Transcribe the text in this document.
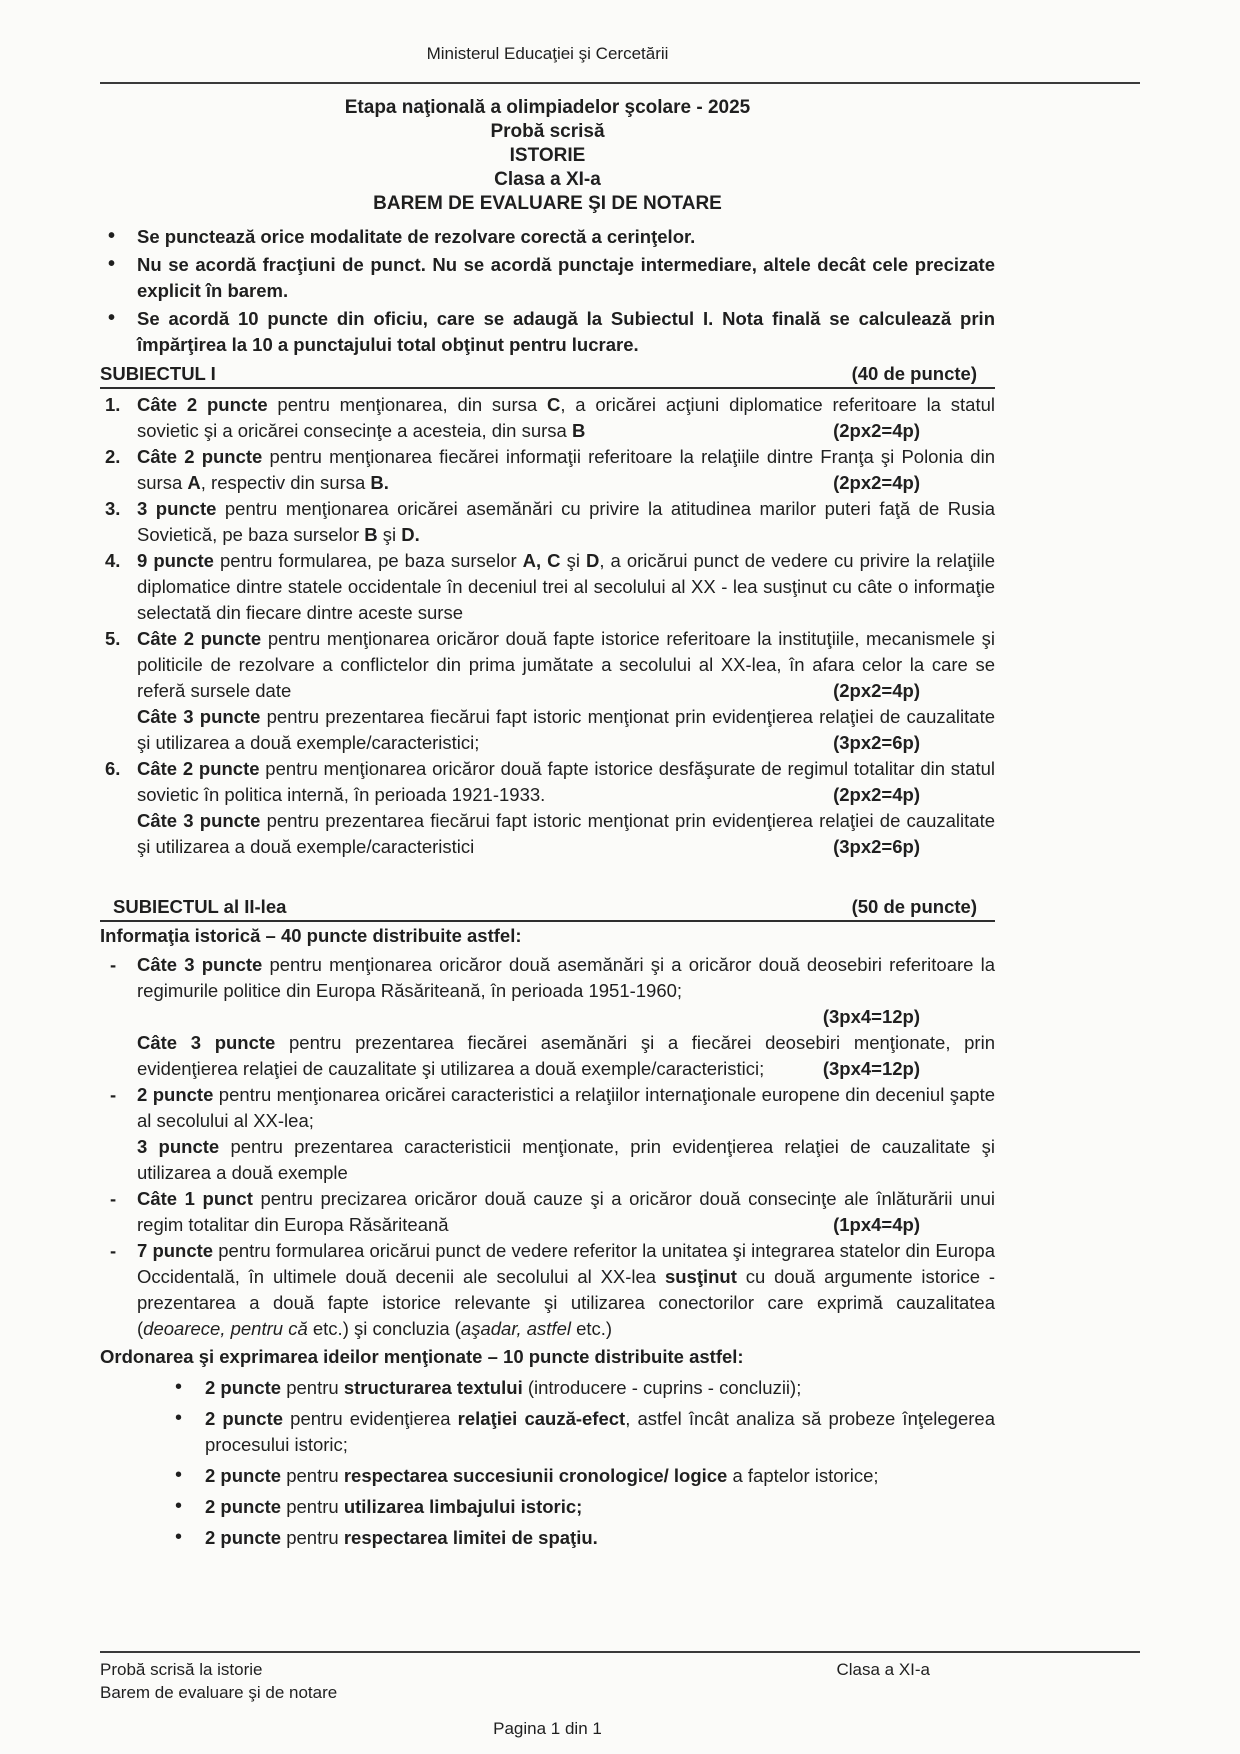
Ministerul Educaţiei şi Cercetării
Etapa naţională a olimpiadelor şcolare - 2025
Probă scrisă
ISTORIE
Clasa a XI-a
BAREM DE EVALUARE ŞI DE NOTARE
• Se punctează orice modalitate de rezolvare corectă a cerinţelor.
• Nu se acordă fracţiuni de punct. Nu se acordă punctaje intermediare, altele decât cele precizate explicit în barem.
• Se acordă 10 puncte din oficiu, care se adaugă la Subiectul I. Nota finală se calculează prin împărţirea la 10 a punctajului total obţinut pentru lucrare.
SUBIECTUL I	(40 de puncte)
1. Câte 2 puncte pentru menţionarea, din sursa C, a oricărei acţiuni diplomatice referitoare la statul sovietic şi a oricărei consecinţe a acesteia, din sursa B	(2px2=4p)
2. Câte 2 puncte pentru menţionarea fiecărei informaţii referitoare la relaţiile dintre Franţa şi Polonia din sursa A, respectiv din sursa B.	(2px2=4p)
3. 3 puncte pentru menţionarea oricărei asemănări cu privire la atitudinea marilor puteri faţă de Rusia Sovietică, pe baza surselor B şi D.
4. 9 puncte pentru formularea, pe baza surselor A, C şi D, a oricărui punct de vedere cu privire la relaţiile diplomatice dintre statele occidentale în deceniul trei al secolului al XX - lea susţinut cu câte o informaţie selectată din fiecare dintre aceste surse
5. Câte 2 puncte pentru menţionarea oricăror două fapte istorice referitoare la instituţiile, mecanismele şi politicile de rezolvare a conflictelor din prima jumătate a secolului al XX-lea, în afara celor la care se referă sursele date	(2px2=4p)
Câte 3 puncte pentru prezentarea fiecărui fapt istoric menţionat prin evidenţierea relaţiei de cauzalitate şi utilizarea a două exemple/caracteristici;	(3px2=6p)
6. Câte 2 puncte pentru menţionarea oricăror două fapte istorice desfăşurate de regimul totalitar din statul sovietic în politica internă, în perioada 1921-1933.	(2px2=4p)
Câte 3 puncte pentru prezentarea fiecărui fapt istoric menţionat prin evidenţierea relaţiei de cauzalitate şi utilizarea a două exemple/caracteristici	(3px2=6p)
SUBIECTUL al II-lea	(50 de puncte)
Informaţia istorică – 40 puncte distribuite astfel:
- Câte 3 puncte pentru menţionarea oricăror două asemănări şi a oricăror două deosebiri referitoare la regimurile politice din Europa Răsăriteană, în perioada 1951-1960;
(3px4=12p)
Câte 3 puncte pentru prezentarea fiecărei asemănări şi a fiecărei deosebiri menţionate, prin evidenţierea relaţiei de cauzalitate şi utilizarea a două exemple/caracteristici;	(3px4=12p)
- 2 puncte pentru menţionarea oricărei caracteristici a relaţiilor internaţionale europene din deceniul şapte al secolului al XX-lea;
3 puncte pentru prezentarea caracteristicii menţionate, prin evidenţierea relaţiei de cauzalitate şi utilizarea a două exemple
- Câte 1 punct pentru precizarea oricăror două cauze şi a oricăror două consecinţe ale înlăturării unui regim totalitar din Europa Răsăriteană	(1px4=4p)
- 7 puncte pentru formularea oricărui punct de vedere referitor la unitatea şi integrarea statelor din Europa Occidentală, în ultimele două decenii ale secolului al XX-lea susţinut cu două argumente istorice - prezentarea a două fapte istorice relevante şi utilizarea conectorilor care exprimă cauzalitatea (deoarece, pentru că etc.) şi concluzia (aşadar, astfel etc.)
Ordonarea şi exprimarea ideilor menţionate – 10 puncte distribuite astfel:
• 2 puncte pentru structurarea textului (introducere - cuprins - concluzii);
• 2 puncte pentru evidenţierea relaţiei cauză-efect, astfel încât analiza să probeze înţelegerea procesului istoric;
• 2 puncte pentru respectarea succesiunii cronologice/ logice a faptelor istorice;
• 2 puncte pentru utilizarea limbajului istoric;
• 2 puncte pentru respectarea limitei de spaţiu.
Probă scrisă la istorie
Barem de evaluare şi de notare
Clasa a XI-a
Pagina 1 din 1
